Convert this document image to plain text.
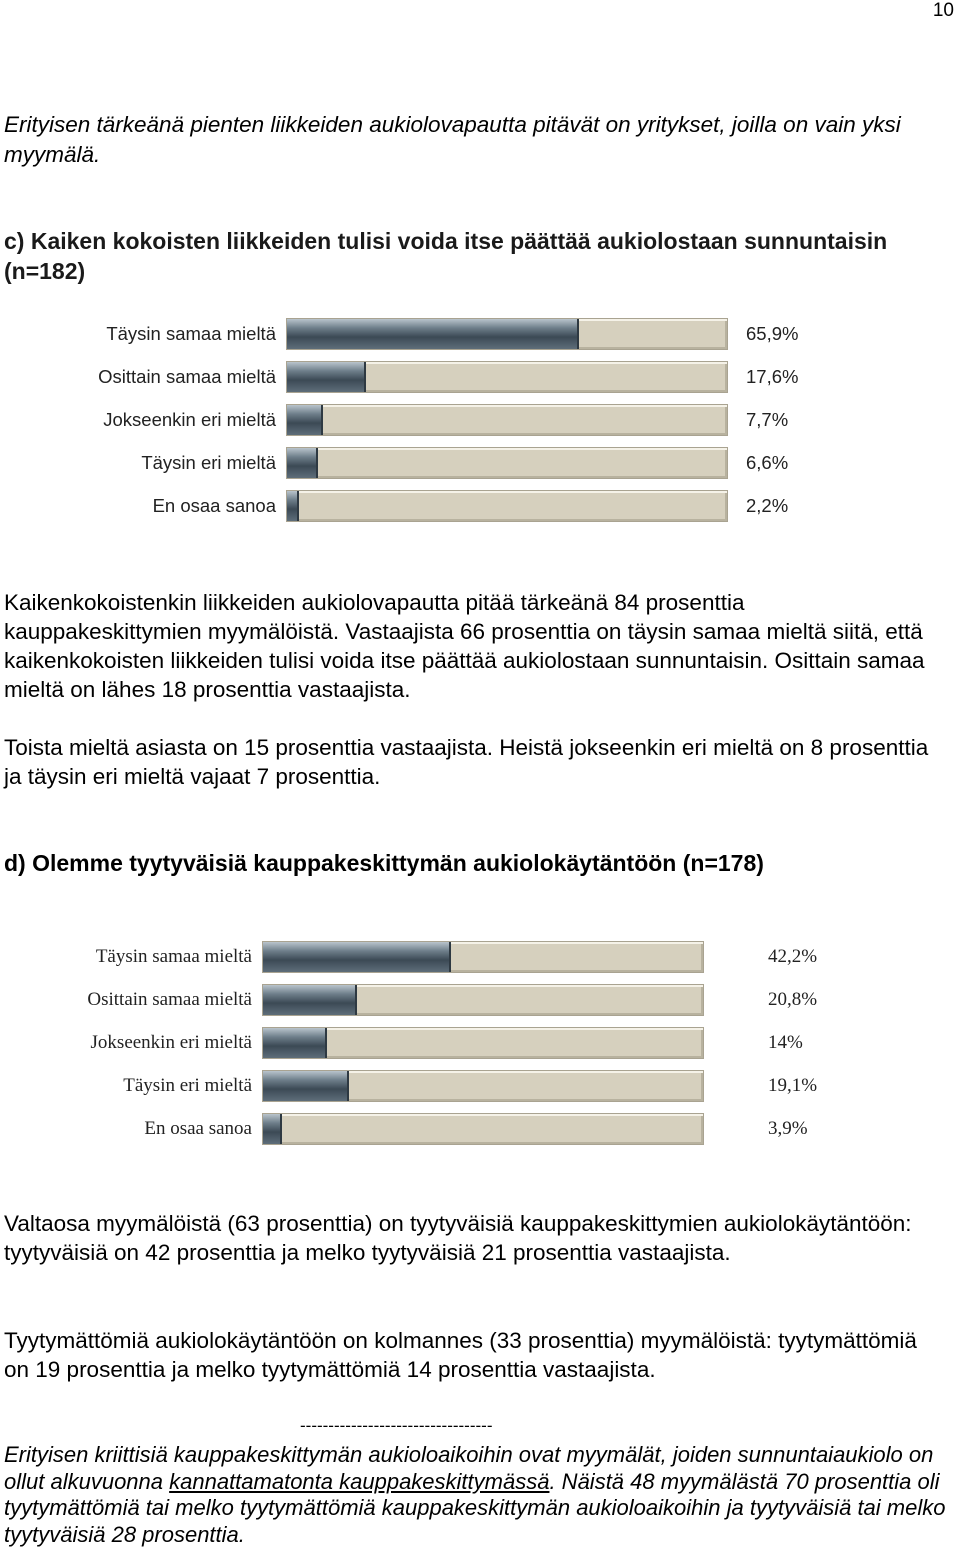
10
Erityisen tärkeänä pienten liikkeiden aukiolovapautta pitävät on yritykset, joilla on vain yksi myymälä.
c) Kaiken kokoisten liikkeiden tulisi voida itse päättää aukiolostaan sunnuntaisin (n=182)
Täysin samaa mieltä	65,9%
Osittain samaa mieltä	17,6%
Jokseenkin eri mieltä	7,7%
Täysin eri mieltä	6,6%
En osaa sanoa	2,2%
Kaikenkokoistenkin liikkeiden aukiolovapautta pitää tärkeänä 84 prosenttia kauppakeskittymien myymälöistä. Vastaajista 66 prosenttia on täysin samaa mieltä siitä, että kaikenkokoisten liikkeiden tulisi voida itse päättää aukiolostaan sunnuntaisin. Osittain samaa mieltä on lähes 18 prosenttia vastaajista.
Toista mieltä asiasta on 15 prosenttia vastaajista. Heistä jokseenkin eri mieltä on 8 prosenttia ja täysin eri mieltä vajaat 7 prosenttia.
d) Olemme tyytyväisiä kauppakeskittymän aukiolokäytäntöön (n=178)
Täysin samaa mieltä	42,2%
Osittain samaa mieltä	20,8%
Jokseenkin eri mieltä	14%
Täysin eri mieltä	19,1%
En osaa sanoa	3,9%
Valtaosa myymälöistä (63 prosenttia) on tyytyväisiä kauppakeskittymien aukiolokäytäntöön: tyytyväisiä on 42 prosenttia ja melko tyytyväisiä 21 prosenttia vastaajista.
Tyytymättömiä aukiolokäytäntöön on kolmannes (33 prosenttia) myymälöistä: tyytymättömiä on 19 prosenttia ja melko tyytymättömiä 14 prosenttia vastaajista.
----------------------------------
Erityisen kriittisiä kauppakeskittymän aukioloaikoihin ovat myymälät, joiden sunnuntaiaukiolo on ollut alkuvuonna kannattamatonta kauppakeskittymässä. Näistä 48 myymälästä 70 prosenttia oli tyytymättömiä tai melko tyytymättömiä kauppakeskittymän aukioloaikoihin ja tyytyväisiä tai melko tyytyväisiä 28 prosenttia.
